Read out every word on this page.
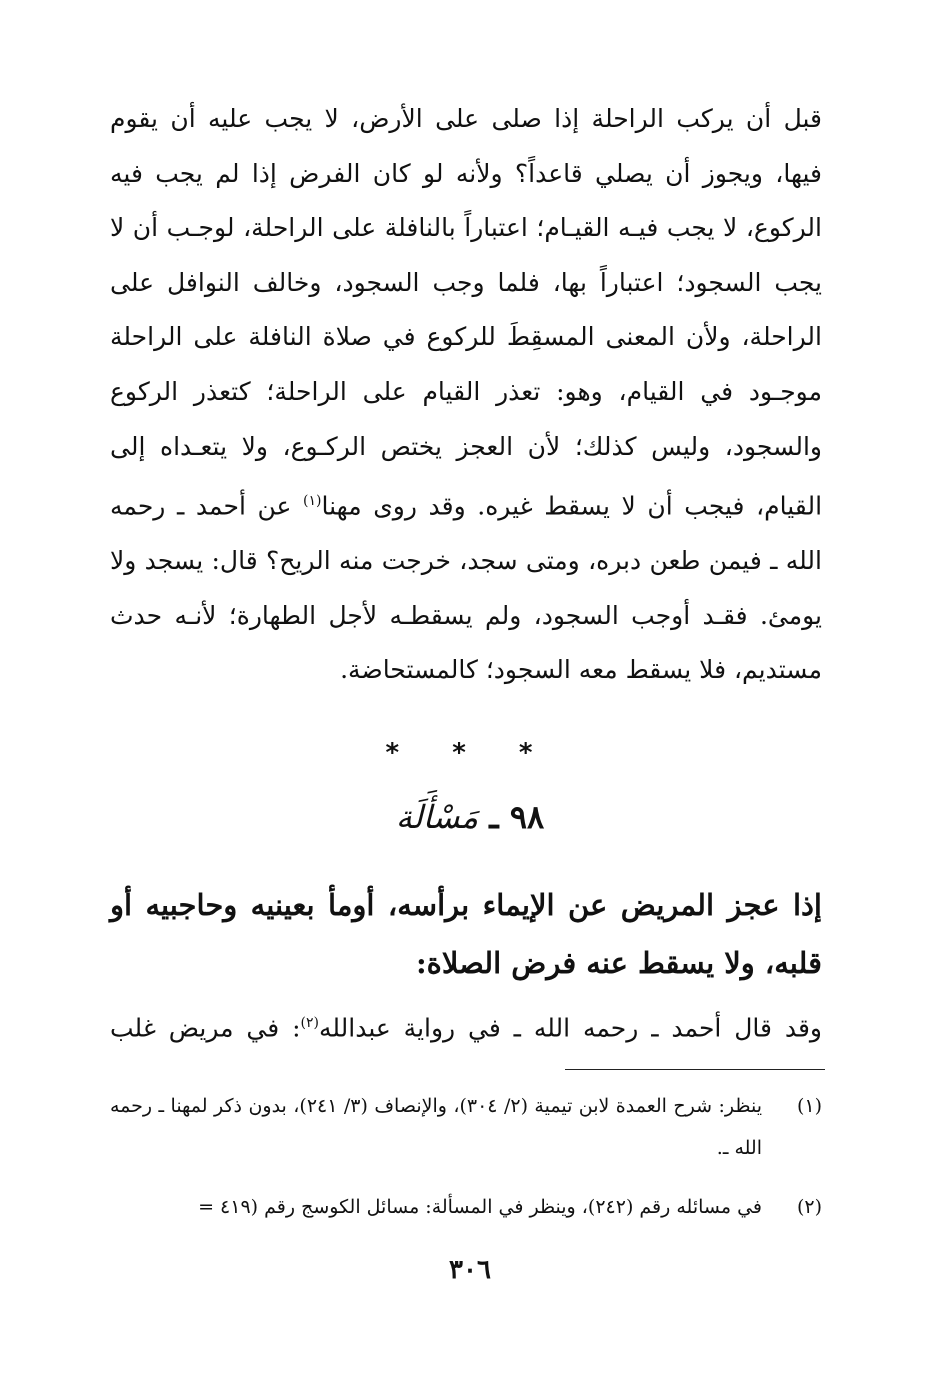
قبل أن يركب الراحلة إذا صلى على الأرض، لا يجب عليه أن يقوم فيها، ويجوز أن يصلي قاعداً؟ ولأنه لو كان الفرض إذا لم يجب فيه الركوع، لا يجب فيـه القيـام؛ اعتباراً بالنافلة على الراحلة، لوجـب أن لا يجب السجود؛ اعتباراً بها، فلما وجب السجود، وخالف النوافل على الراحلة، ولأن المعنى المسقِطَ للركوع في صلاة النافلة على الراحلة موجـود في القيام، وهو: تعذر القيام على الراحلة؛ كتعذر الركوع والسجود، وليس كذلك؛ لأن العجز يختص الركـوع، ولا يتعـداه إلى القيام، فيجب أن لا يسقط غيره. وقد روى مهنا$^{(١)}$ عن أحمد ـ رحمه الله ـ فيمن طعن دبره، ومتى سجد، خرجت منه الريح؟ قال: يسجد ولا يومئ. فقـد أوجب السجود، ولم يسقطـه لأجل الطهارة؛ لأنـه حدث مستديم، فلا يسقط معه السجود؛ كالمستحاضة.

* * *
٩٨ ـ مَسْأَلَة

إذا عجز المريض عن الإيماء برأسه، أومأ بعينيه وحاجبيه أو قلبه، ولا يسقط عنه فرض الصلاة:

وقد قال أحمد ـ رحمه الله ـ في رواية عبدالله$^{(٢)}$: في مريض غلب

(١)
ينظر: شرح العمدة لابن تيمية (٢/ ٣٠٤)، والإنصاف (٣/ ٢٤١)، بدون ذكر لمهنا ـ رحمه الله ـ.
(٢)
في مسائله رقم (٢٤٢)، وينظر في المسألة: مسائل الكوسج رقم (٤١٩ =
٣٠٦
